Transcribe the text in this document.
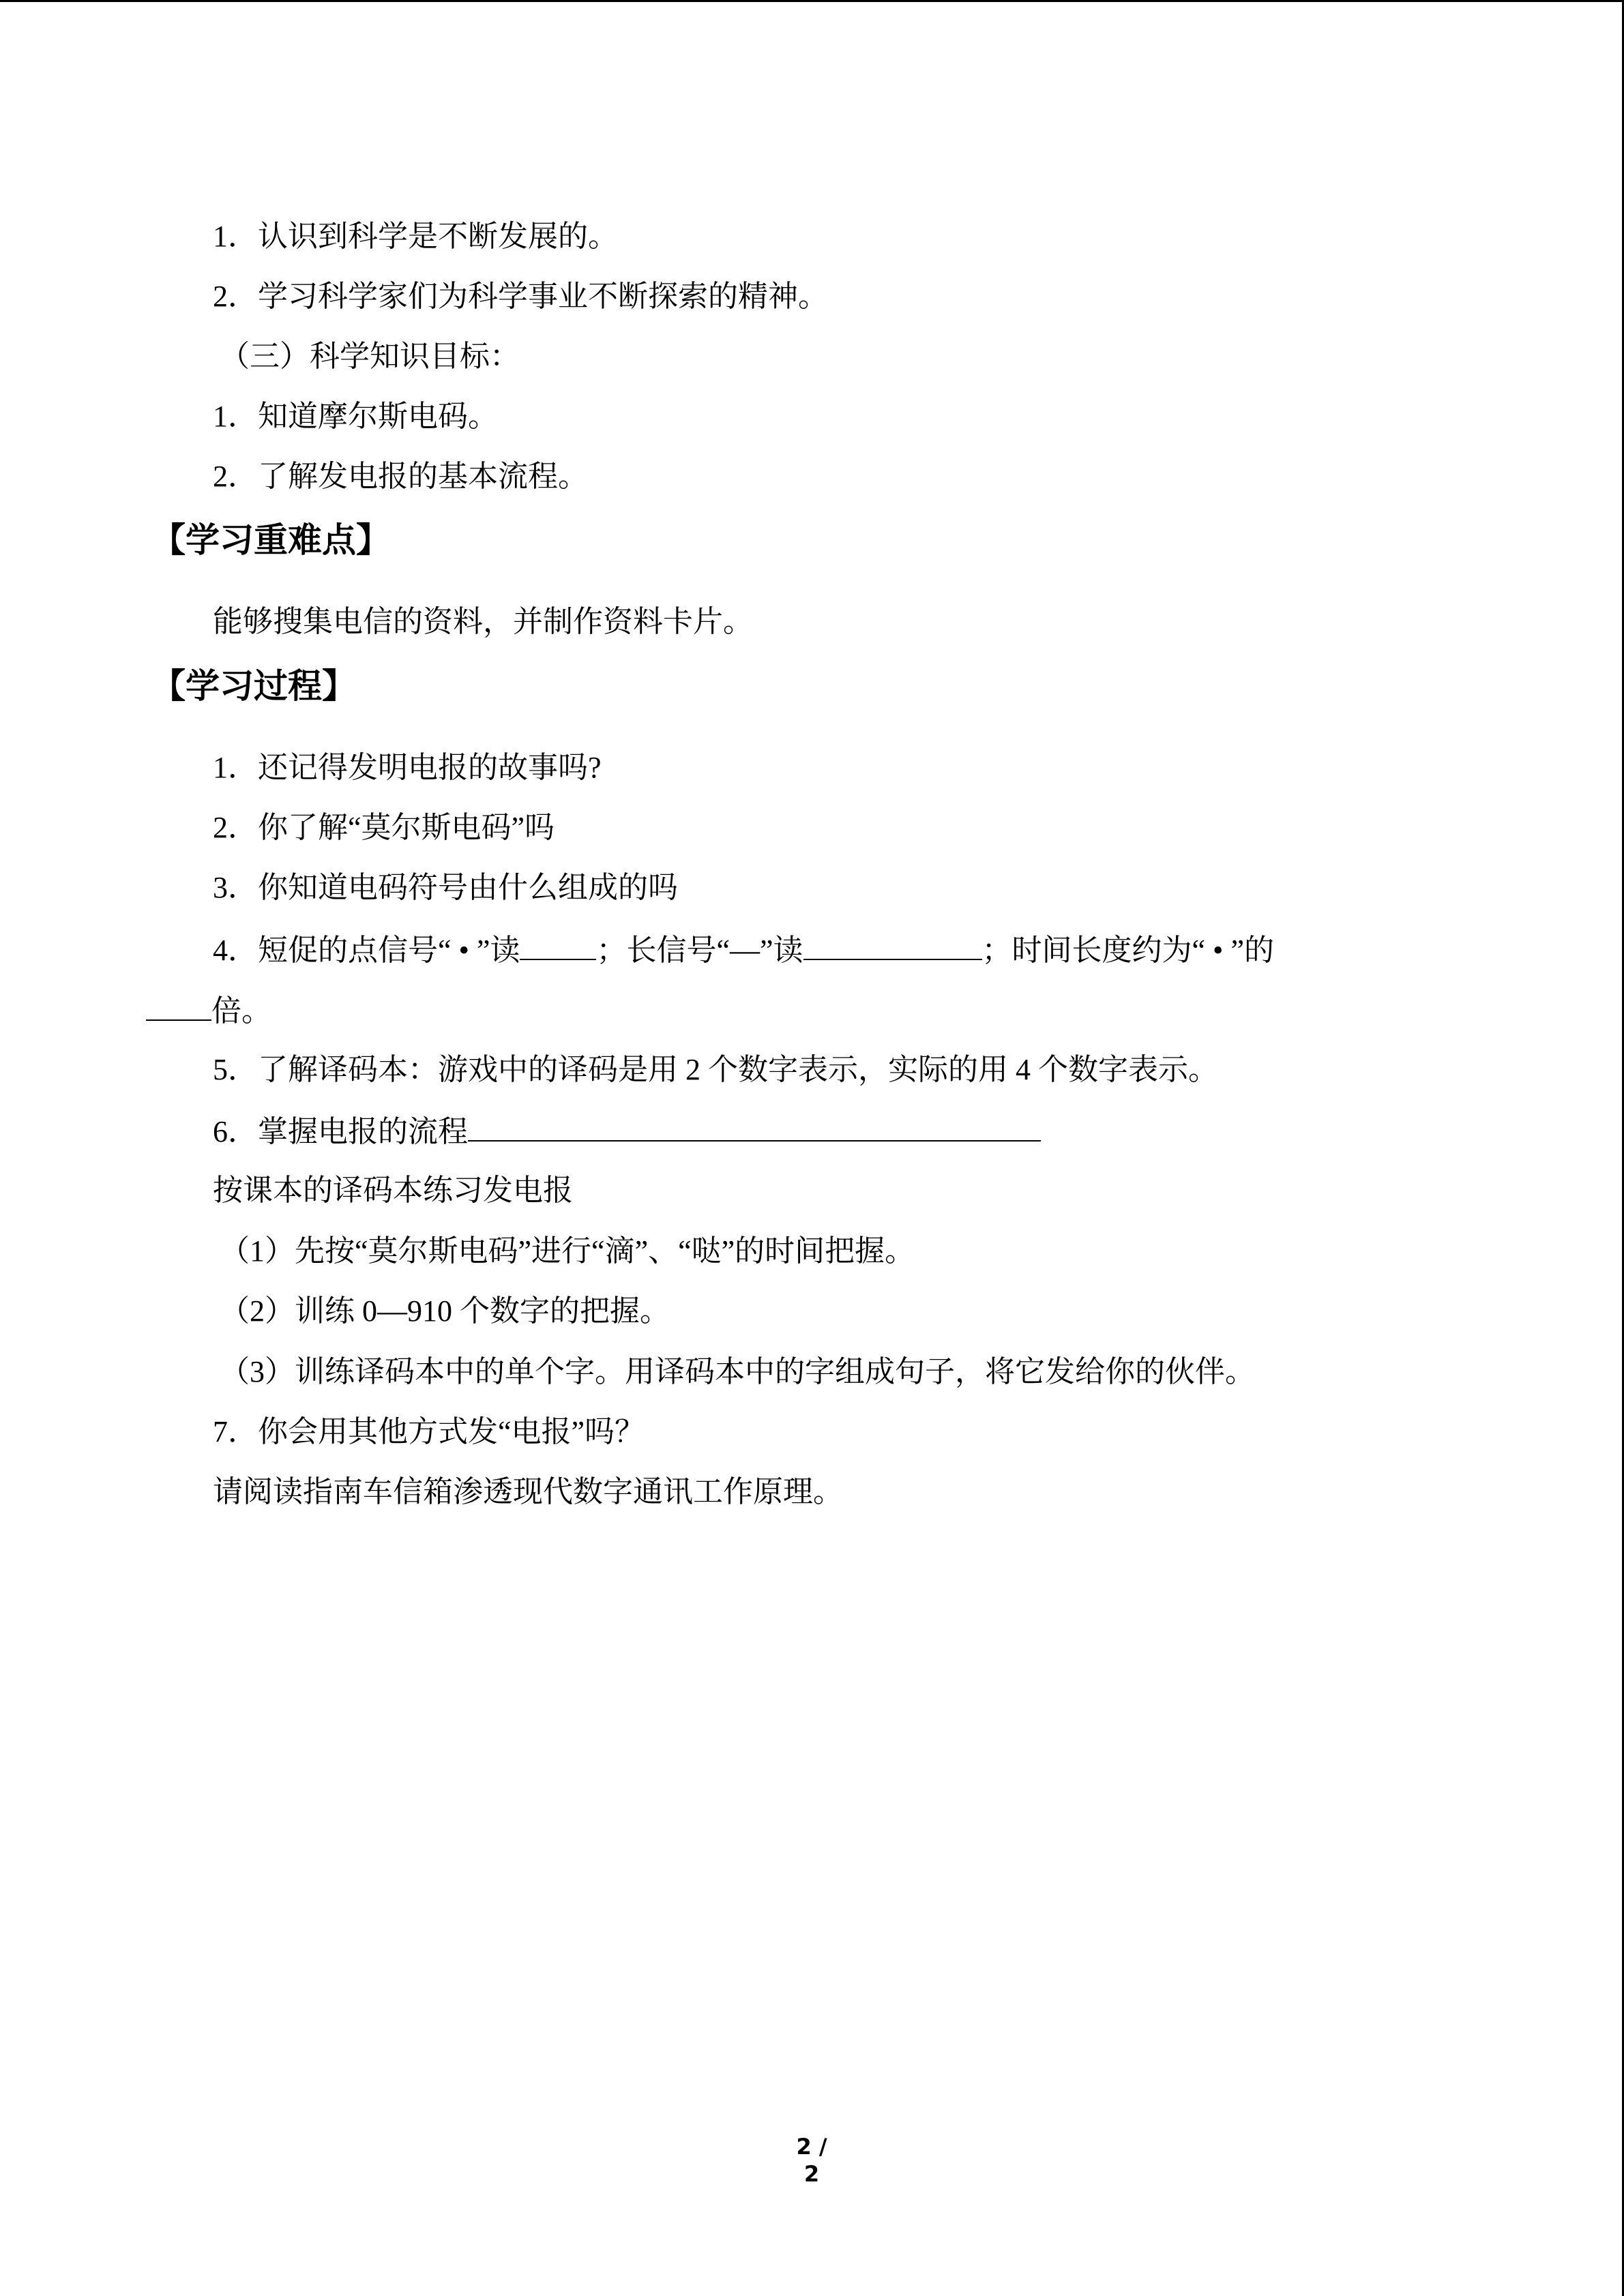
1．认识到科学是不断发展的。
2．学习科学家们为科学事业不断探索的精神。
（三）科学知识目标：
1．知道摩尔斯电码。
2．了解发电报的基本流程。
【学习重难点】
能够搜集电信的资料，并制作资料卡片。
【学习过程】
1．还记得发明电报的故事吗?
2．你了解“莫尔斯电码”吗
3．你知道电码符号由什么组成的吗
4．短促的点信号“ • ”读	；长信号“—”读	；时间长度约为“ • ”的
倍。
5．了解译码本：游戏中的译码是用 2 个数字表示，实际的用 4 个数字表示。
6．掌握电报的流程
按课本的译码本练习发电报
（1）先按“莫尔斯电码”进行“滴”、“哒”的时间把握。
（2）训练 0—910 个数字的把握。
（3）训练译码本中的单个字。用译码本中的字组成句子，将它发给你的伙伴。
7．你会用其他方式发“电报”吗？
请阅读指南车信箱渗透现代数字通讯工作原理。
2 / 2
